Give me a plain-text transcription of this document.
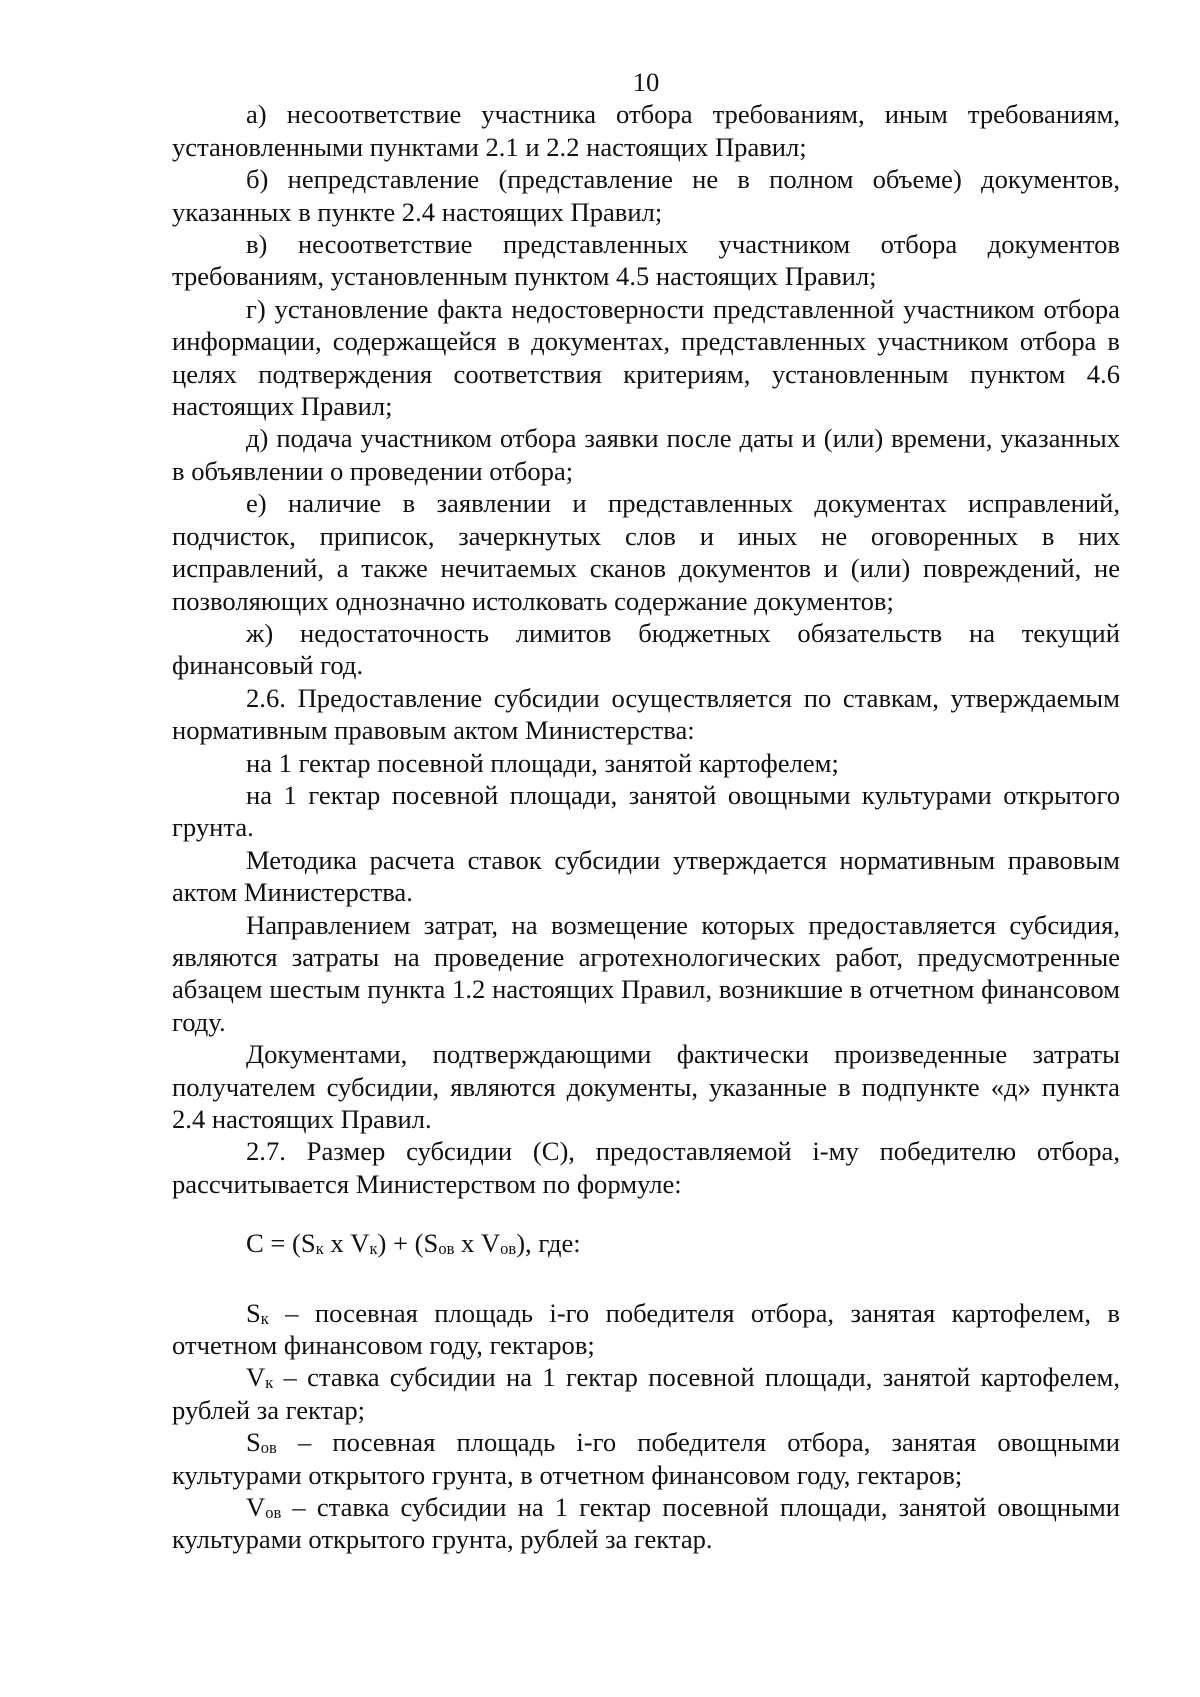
10

а) несоответствие участника отбора требованиям, иным требованиям, установленными пунктами 2.1 и 2.2 настоящих Правил;

б) непредставление (представление не в полном объеме) документов, указанных в пункте 2.4 настоящих Правил;

в) несоответствие представленных участником отбора документов требованиям, установленным пунктом 4.5 настоящих Правил;

г) установление факта недостоверности представленной участником отбора информации, содержащейся в документах, представленных участником отбора в целях подтверждения соответствия критериям, установленным пунктом 4.6 настоящих Правил;

д) подача участником отбора заявки после даты и (или) времени, указанных в объявлении о проведении отбора;

е) наличие в заявлении и представленных документах исправлений, подчисток, приписок, зачеркнутых слов и иных не оговоренных в них исправлений, а также нечитаемых сканов документов и (или) повреждений, не позволяющих однозначно истолковать содержание документов;

ж) недостаточность лимитов бюджетных обязательств на текущий финансовый год.

2.6. Предоставление субсидии осуществляется по ставкам, утверждаемым нормативным правовым актом Министерства:

на 1 гектар посевной площади, занятой картофелем;

на 1 гектар посевной площади, занятой овощными культурами открытого грунта.

Методика расчета ставок субсидии утверждается нормативным правовым актом Министерства.

Направлением затрат, на возмещение которых предоставляется субсидия, являются затраты на проведение агротехнологических работ, предусмотренные абзацем шестым пункта 1.2 настоящих Правил, возникшие в отчетном финансовом году.

Документами, подтверждающими фактически произведенные затраты получателем субсидии, являются документы, указанные в подпункте «д» пункта 2.4 настоящих Правил.

2.7. Размер субсидии (С), предоставляемой i-му победителю отбора, рассчитывается Министерством по формуле:

$С = (S_к$ х $V_к) + (S_{ов}$ х $V_{ов}$), где:

$S_к$ – посевная площадь i-го победителя отбора, занятая картофелем, в отчетном финансовом году, гектаров;

$V_к$ – ставка субсидии на 1 гектар посевной площади, занятой картофелем, рублей за гектар;

$S_{ов}$ – посевная площадь i-го победителя отбора, занятая овощными культурами открытого грунта, в отчетном финансовом году, гектаров;

$V_{ов}$ – ставка субсидии на 1 гектар посевной площади, занятой овощными культурами открытого грунта, рублей за гектар.
